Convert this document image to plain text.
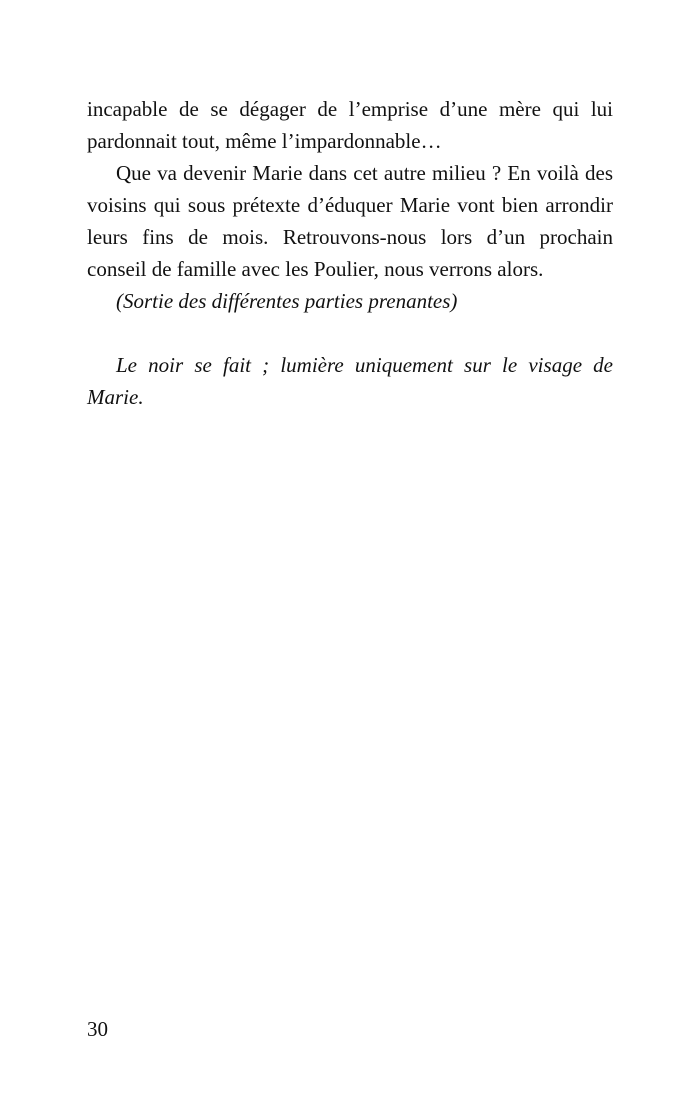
incapable de se dégager de l’emprise d’une mère qui lui pardonnait tout, même l’impardonnable…

Que va devenir Marie dans cet autre milieu ? En voilà des voisins qui sous prétexte d’éduquer Marie vont bien arrondir leurs fins de mois. Retrouvons-nous lors d’un prochain conseil de famille avec les Poulier, nous verrons alors.

(Sortie des différentes parties prenantes)

Le noir se fait ; lumière uniquement sur le visage de Marie.

30
